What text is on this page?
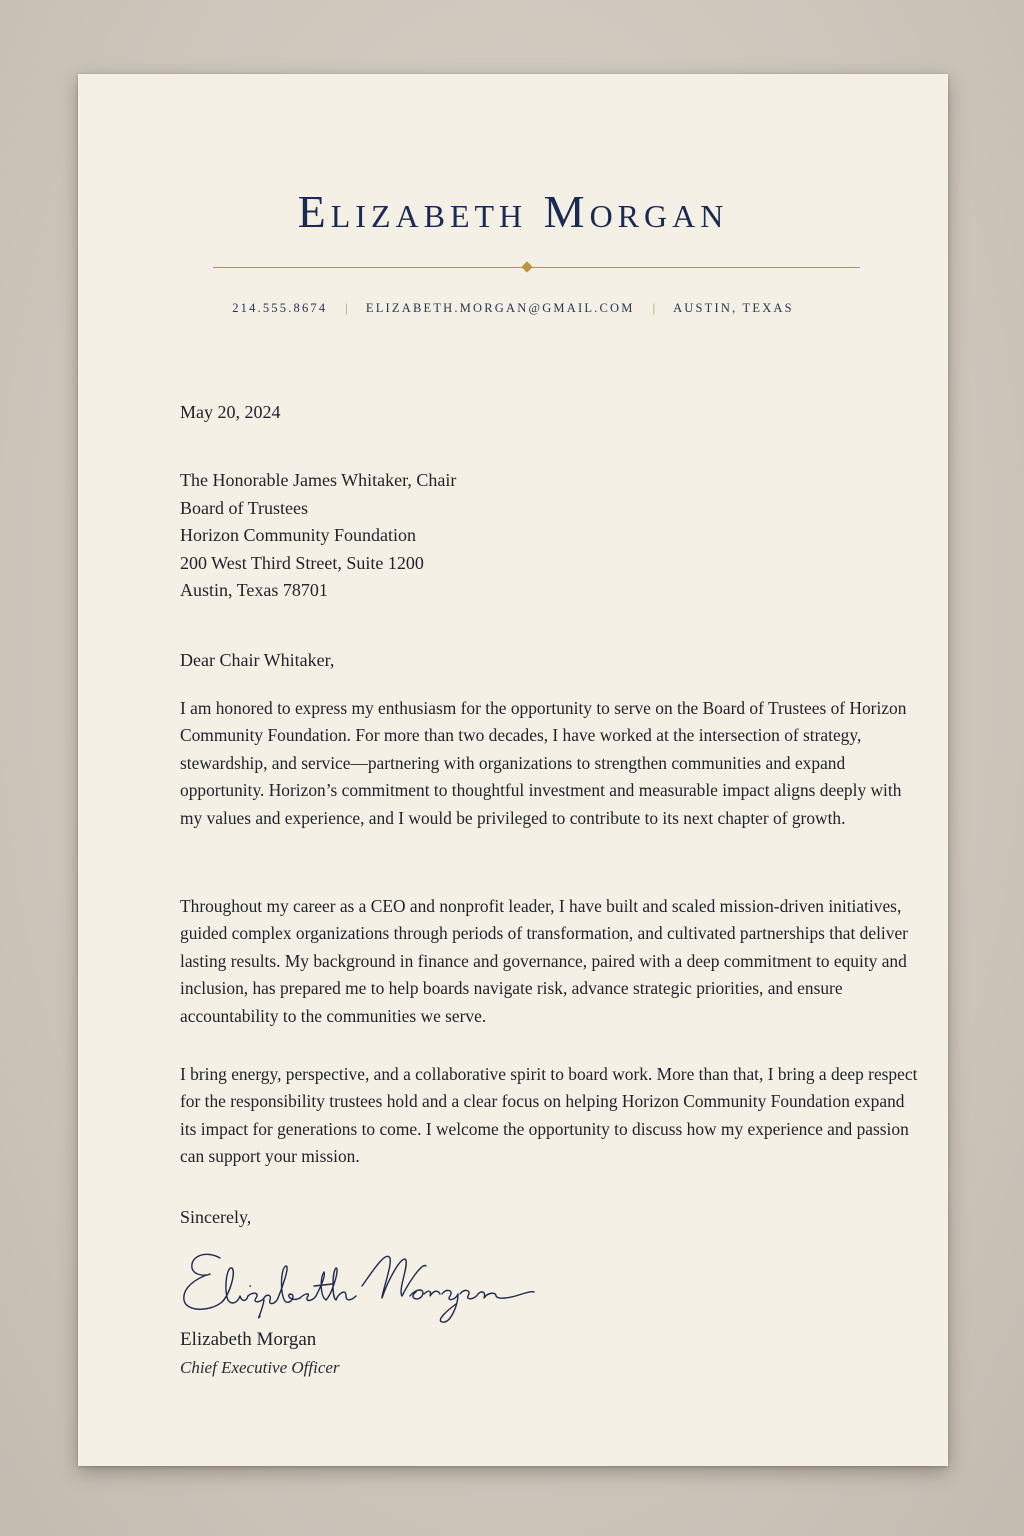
Elizabeth Morgan
214.555.8674 | ELIZABETH.MORGAN@GMAIL.COM | AUSTIN, TEXAS
May 20, 2024
The Honorable James Whitaker, Chair
Board of Trustees
Horizon Community Foundation
200 West Third Street, Suite 1200
Austin, Texas 78701
Dear Chair Whitaker,
I am honored to express my enthusiasm for the opportunity to serve on the Board of Trustees of Horizon Community Foundation. For more than two decades, I have worked at the intersection of strategy, stewardship, and service—partnering with organizations to strengthen communities and expand opportunity. Horizon’s commitment to thoughtful investment and measurable impact aligns deeply with my values and experience, and I would be privileged to contribute to its next chapter of growth.
Throughout my career as a CEO and nonprofit leader, I have built and scaled mission-driven initiatives, guided complex organizations through periods of transformation, and cultivated partnerships that deliver lasting results. My background in finance and governance, paired with a deep commitment to equity and inclusion, has prepared me to help boards navigate risk, advance strategic priorities, and ensure accountability to the communities we serve.
I bring energy, perspective, and a collaborative spirit to board work. More than that, I bring a deep respect for the responsibility trustees hold and a clear focus on helping Horizon Community Foundation expand its impact for generations to come. I welcome the opportunity to discuss how my experience and passion can support your mission.
Sincerely,
Elizabeth Morgan
Elizabeth Morgan
Chief Executive Officer
